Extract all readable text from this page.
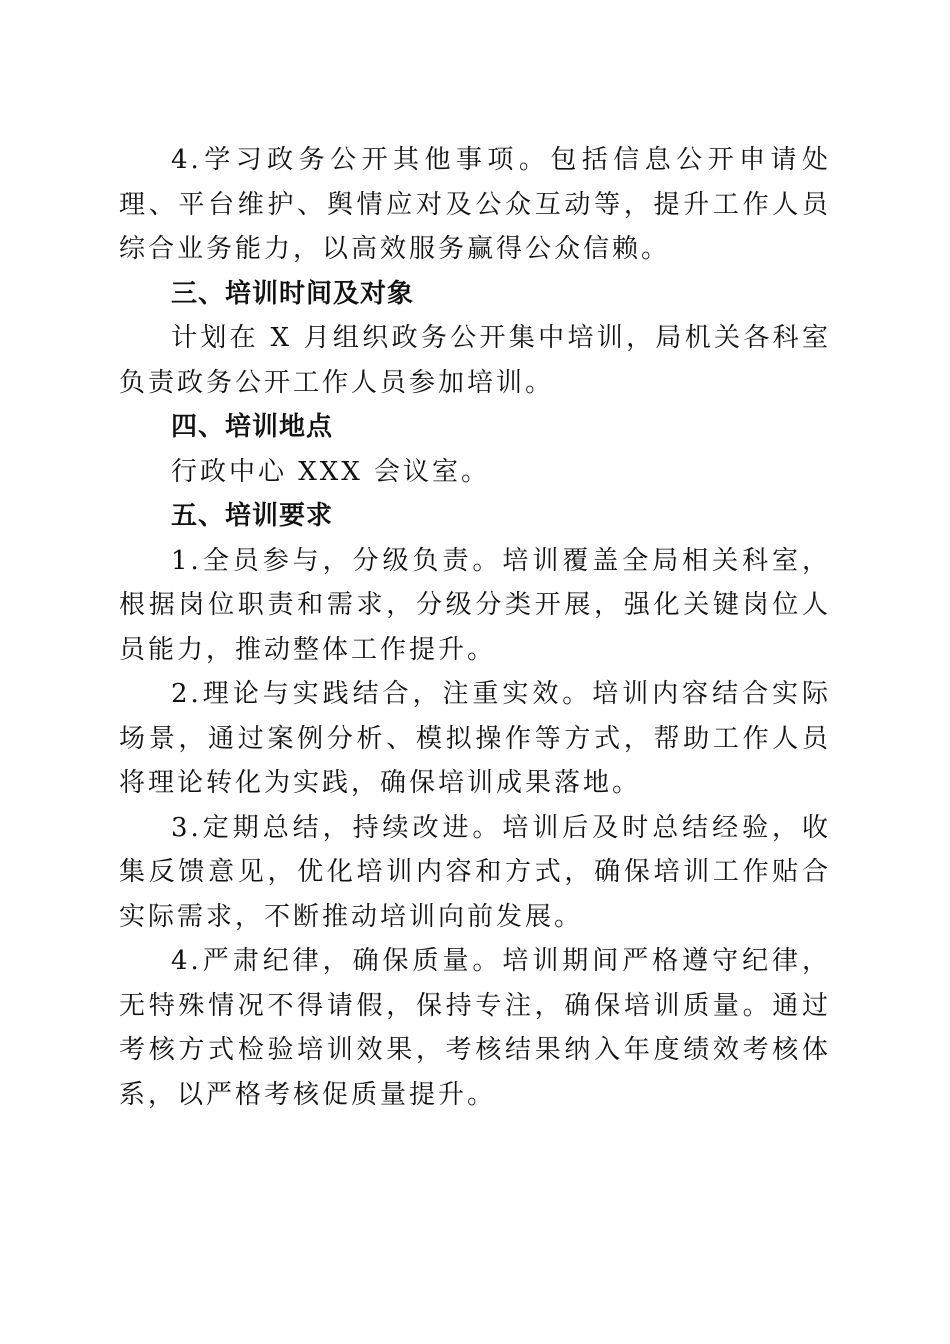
4.学习政务公开其他事项。包括信息公开申请处理、平台维护、舆情应对及公众互动等，提升工作人员综合业务能力，以高效服务赢得公众信赖。

三、培训时间及对象

计划在 X 月组织政务公开集中培训，局机关各科室负责政务公开工作人员参加培训。

四、培训地点

行政中心 XXX 会议室。

五、培训要求

1.全员参与，分级负责。培训覆盖全局相关科室，根据岗位职责和需求，分级分类开展，强化关键岗位人员能力，推动整体工作提升。

2.理论与实践结合，注重实效。培训内容结合实际场景，通过案例分析、模拟操作等方式，帮助工作人员将理论转化为实践，确保培训成果落地。

3.定期总结，持续改进。培训后及时总结经验，收集反馈意见，优化培训内容和方式，确保培训工作贴合实际需求，不断推动培训向前发展。

4.严肃纪律，确保质量。培训期间严格遵守纪律，无特殊情况不得请假，保持专注，确保培训质量。通过考核方式检验培训效果，考核结果纳入年度绩效考核体系，以严格考核促质量提升。
